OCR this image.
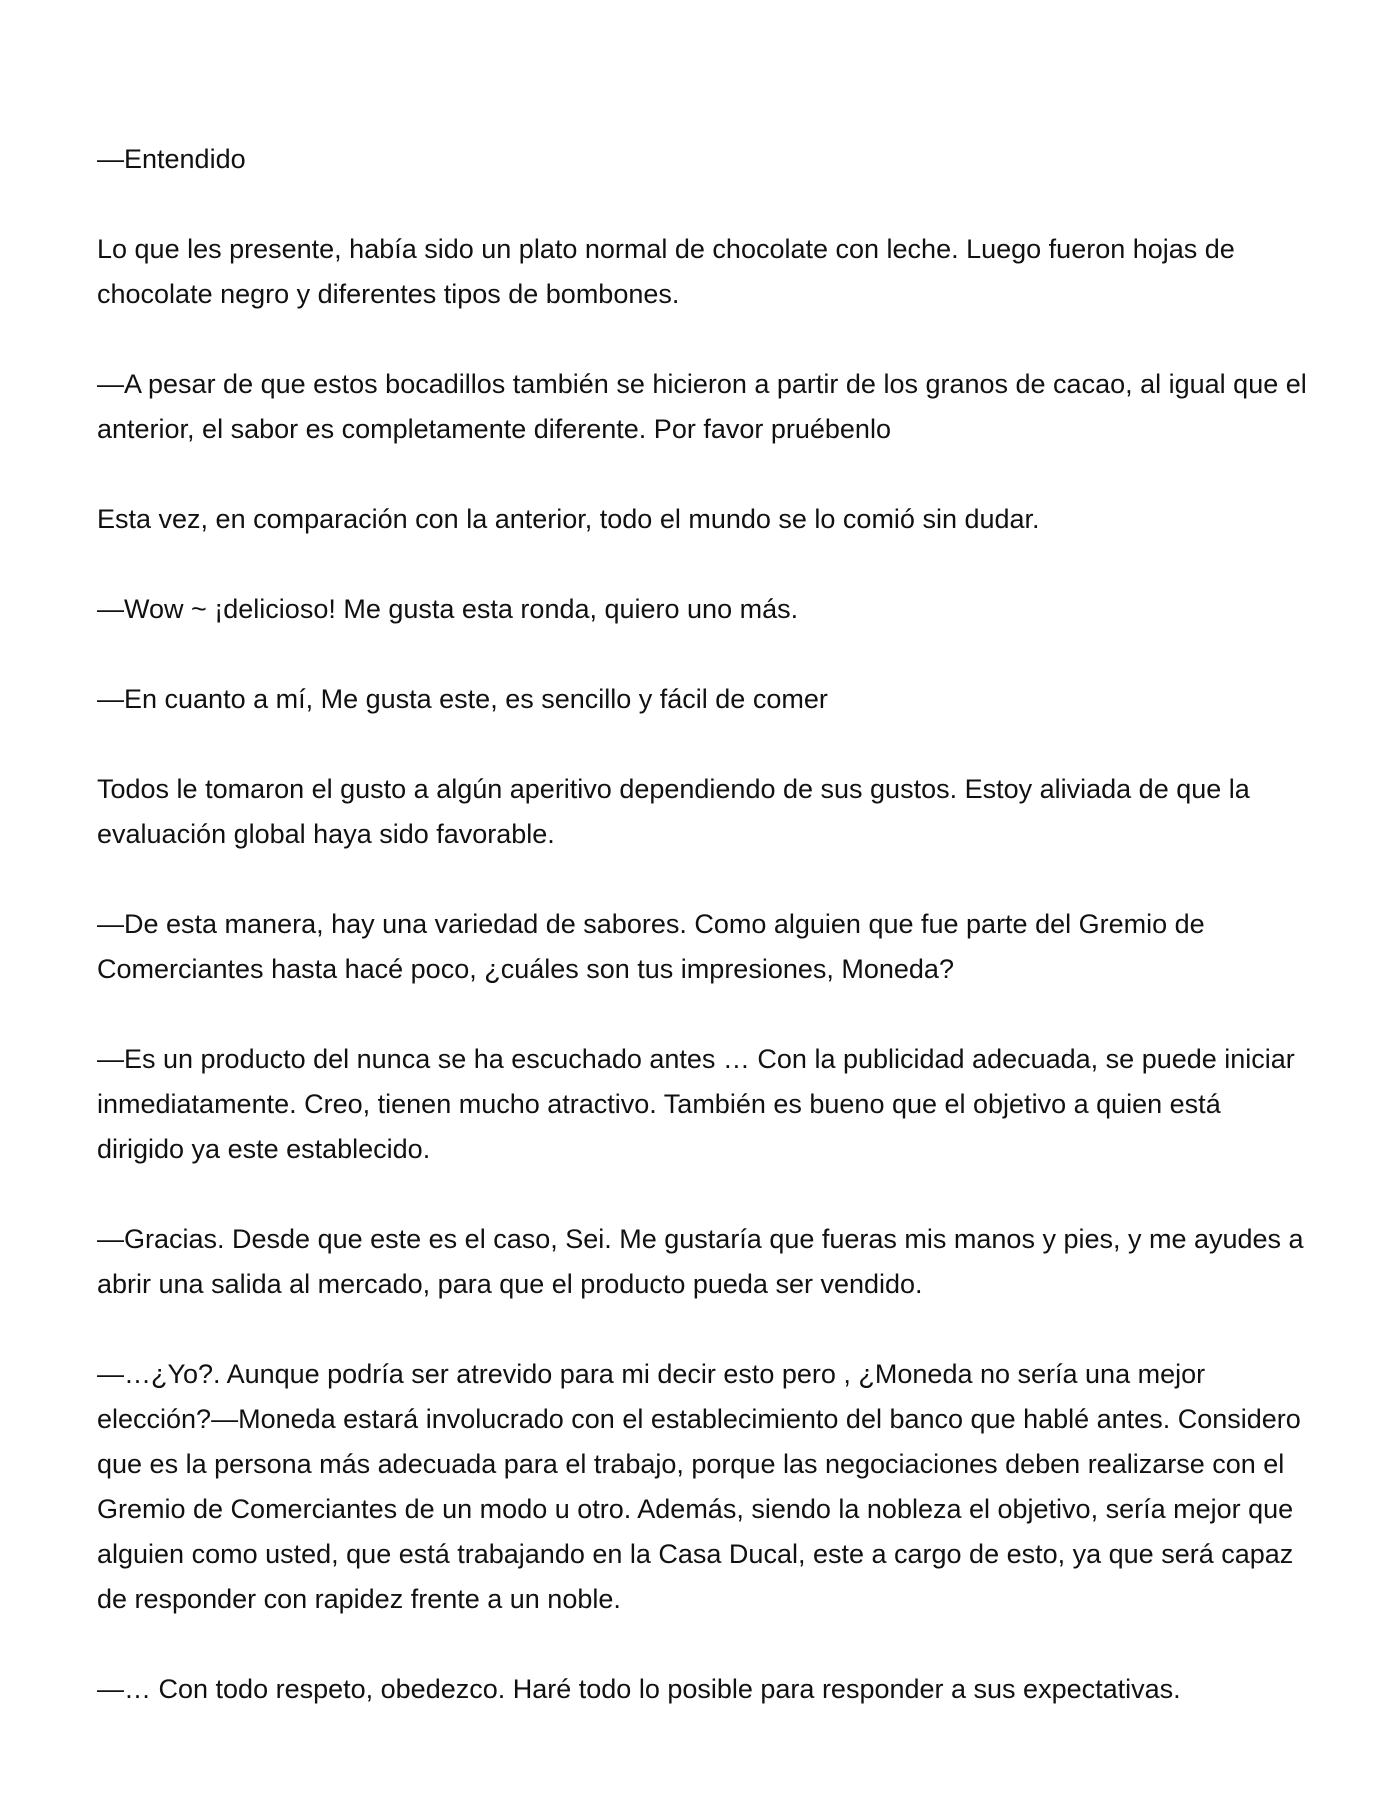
—Entendido

Lo que les presente, había sido un plato normal de chocolate con leche. Luego fueron hojas de chocolate negro y diferentes tipos de bombones.

—A pesar de que estos bocadillos también se hicieron a partir de los granos de cacao, al igual que el anterior, el sabor es completamente diferente. Por favor pruébenlo

Esta vez, en comparación con la anterior, todo el mundo se lo comió sin dudar.

—Wow ~ ¡delicioso! Me gusta esta ronda, quiero uno más.

—En cuanto a mí, Me gusta este, es sencillo y fácil de comer

Todos le tomaron el gusto a algún aperitivo dependiendo de sus gustos. Estoy aliviada de que la evaluación global haya sido favorable.

—De esta manera, hay una variedad de sabores. Como alguien que fue parte del Gremio de Comerciantes hasta hacé poco, ¿cuáles son tus impresiones, Moneda?

—Es un producto del nunca se ha escuchado antes … Con la publicidad adecuada, se puede iniciar inmediatamente. Creo, tienen mucho atractivo. También es bueno que el objetivo a quien está dirigido ya este establecido.

—Gracias. Desde que este es el caso, Sei. Me gustaría que fueras mis manos y pies, y me ayudes a abrir una salida al mercado, para que el producto pueda ser vendido.

—…¿Yo?. Aunque podría ser atrevido para mi decir esto pero , ¿Moneda no sería una mejor elección?—Moneda estará involucrado con el establecimiento del banco que hablé antes. Considero que es la persona más adecuada para el trabajo, porque las negociaciones deben realizarse con el Gremio de Comerciantes de un modo u otro. Además, siendo la nobleza el objetivo, sería mejor que alguien como usted, que está trabajando en la Casa Ducal, este a cargo de esto, ya que será capaz de responder con rapidez frente a un noble.

—… Con todo respeto, obedezco. Haré todo lo posible para responder a sus expectativas.
